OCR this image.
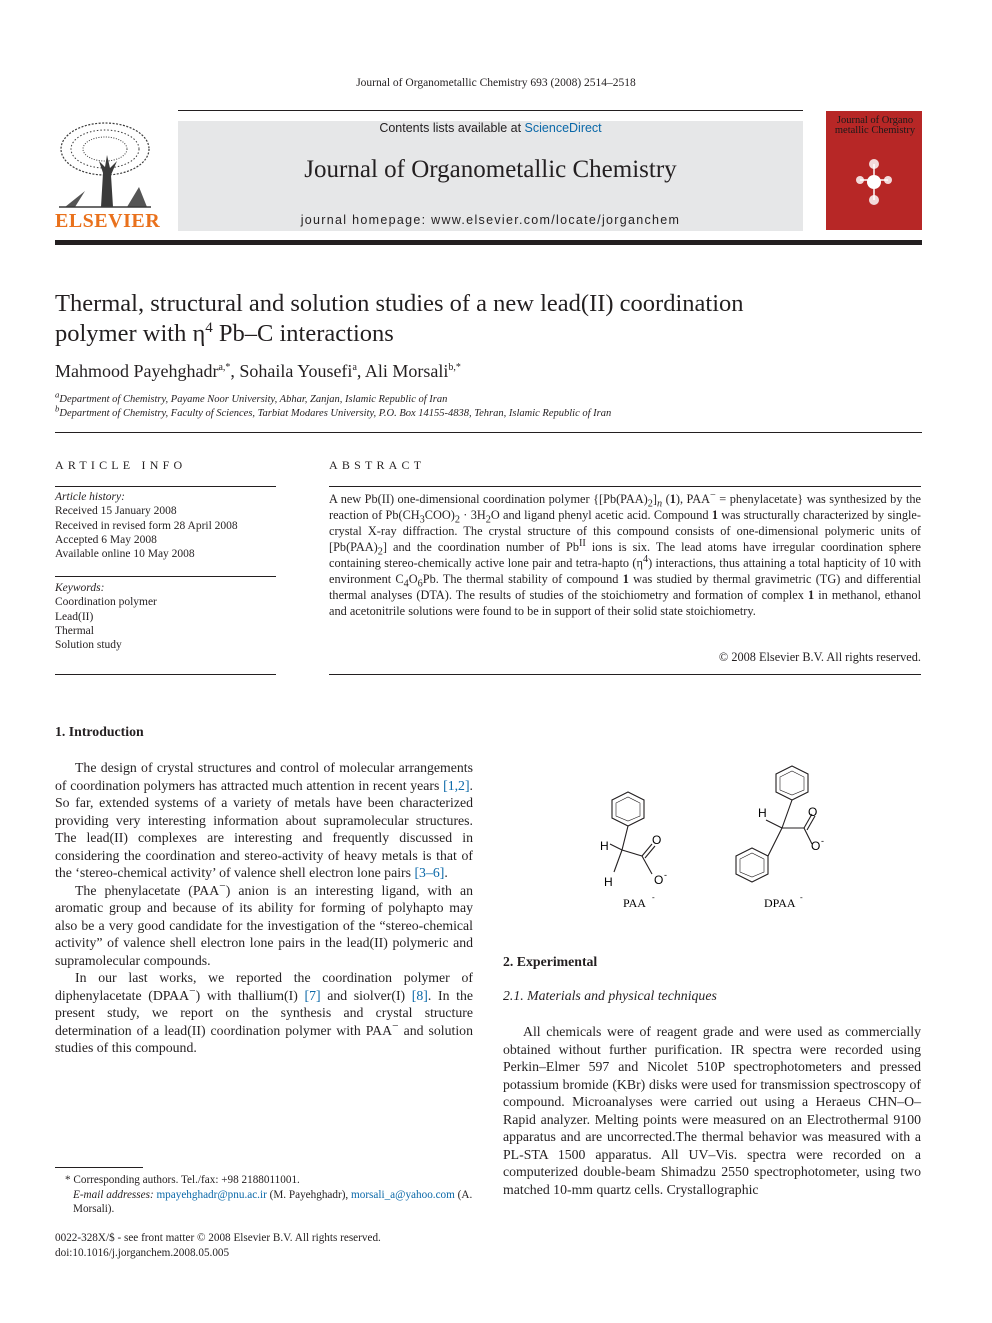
Journal of Organometallic Chemistry 693 (2008) 2514–2518
ELSEVIER
Contents lists available at ScienceDirect
Journal of Organometallic Chemistry
journal homepage: www.elsevier.com/locate/jorganchem
Journal of Organo metallic Chemistry
Thermal, structural and solution studies of a new lead(II) coordination
polymer with $\eta^4$ Pb–C interactions
Mahmood Payehghadr$^{a,*}$, Sohaila Yousefi$^a$, Ali Morsali$^{b,*}$
$^a$Department of Chemistry, Payame Noor University, Abhar, Zanjan, Islamic Republic of Iran
$^b$Department of Chemistry, Faculty of Sciences, Tarbiat Modares University, P.O. Box 14155-4838, Tehran, Islamic Republic of Iran
ARTICLE INFO
Article history:
Received 15 January 2008
Received in revised form 28 April 2008
Accepted 6 May 2008
Available online 10 May 2008
Keywords:
Coordination polymer
Lead(II)
Thermal
Solution study
ABSTRACT
A new Pb(II) one-dimensional coordination polymer {$[Pb(PAA)_2]_n$ (1), PAA− = phenylacetate} was synthesized by the reaction of $Pb(CH_3COO)_2 \cdot 3H_2O$ and ligand phenyl acetic acid. Compound 1 was structurally characterized by single-crystal X-ray diffraction. The crystal structure of this compound consists of one-dimensional polymeric units of $[Pb(PAA)_2]$ and the coordination number of $Pb^{II}$ ions is six. The lead atoms have irregular coordination sphere containing stereo-chemically active lone pair and tetra-hapto $(\eta^4)$ interactions, thus attaining a total hapticity of 10 with environment $C_4O_6Pb$. The thermal stability of compound 1 was studied by thermal gravimetric (TG) and differential thermal analyses (DTA). The results of studies of the stoichiometry and formation of complex 1 in methanol, ethanol and acetonitrile solutions were found to be in support of their solid state stoichiometry.
© 2008 Elsevier B.V. All rights reserved.
1. Introduction

The design of crystal structures and control of molecular arrangements of coordination polymers has attracted much attention in recent years [1,2]. So far, extended systems of a variety of metals have been characterized providing very interesting information about supramolecular structures. The lead(II) complexes are interesting and frequently discussed in considering the coordination and stereo-activity of heavy metals is that of the ‘stereo-chemical activity’ of valence shell electron lone pairs [3–6].

The phenylacetate (PAA−) anion is an interesting ligand, with an aromatic group and because of its ability for forming of polyhapto may also be a very good candidate for the investigation of the “stereo-chemical activity” of valence shell electron lone pairs in the lead(II) polymeric and supramolecular compounds.

In our last works, we reported the coordination polymer of diphenylacetate (DPAA−) with thallium(I) [7] and siolver(I) [8]. In the present study, we report on the synthesis and crystal structure determination of a lead(II) coordination polymer with PAA− and solution studies of this compound.

H
H
O
O -
H	O
O -
PAA -	DPAA -
2. Experimental
2.1. Materials and physical techniques

All chemicals were of reagent grade and were used as commercially obtained without further purification. IR spectra were recorded using Perkin–Elmer 597 and Nicolet 510P spectrophotometers and pressed potassium bromide (KBr) disks were used for transmission spectroscopy of compound. Microanalyses were carried out using a Heraeus CHN–O– Rapid analyzer. Melting points were measured on an Electrothermal 9100 apparatus and are uncorrected.The thermal behavior was measured with a PL-STA 1500 apparatus. All UV–Vis. spectra were recorded on a computerized double-beam Shimadzu 2550 spectrophotometer, using two matched 10-mm quartz cells. Crystallographic

* Corresponding authors. Tel./fax: +98 2188011001.
E-mail addresses: mpayehghadr@pnu.ac.ir (M. Payehghadr), morsali_a@yahoo.com (A. Morsali).
0022-328X/$ - see front matter © 2008 Elsevier B.V. All rights reserved.
doi:10.1016/j.jorganchem.2008.05.005
